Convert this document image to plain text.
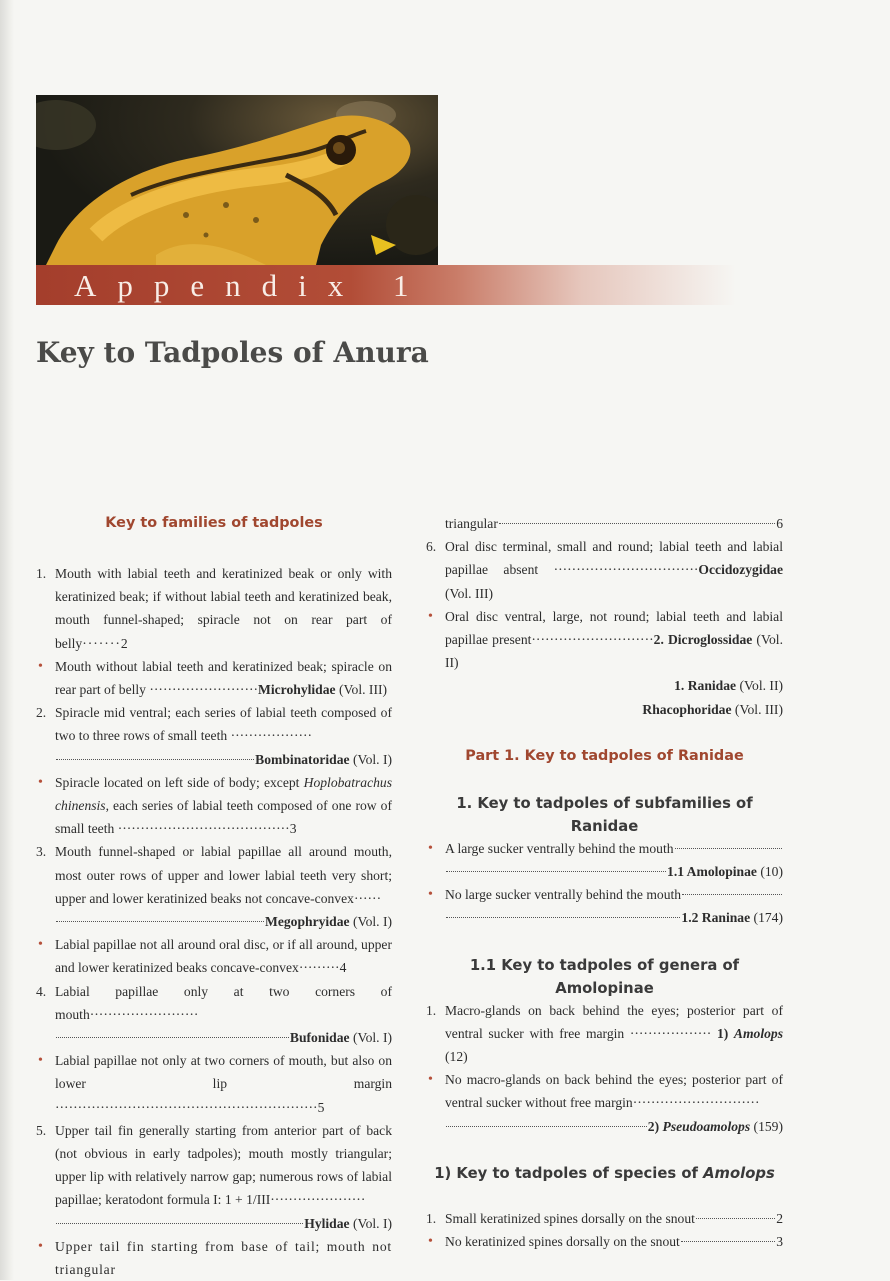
Appendix 1
Key to Tadpoles of Anura
Key to families of tadpoles
1. Mouth with labial teeth and keratinized beak or only with keratinized beak; if without labial teeth and keratinized beak, mouth funnel-shaped; spiracle not on rear part of belly·······2
• Mouth without labial teeth and keratinized beak; spiracle on rear part of belly ························Microhylidae (Vol. III)
2. Spiracle mid ventral; each series of labial teeth composed of two to three rows of small teeth ··················
Bombinatoridae (Vol. I)
• Spiracle located on left side of body; except Hoplobatrachus chinensis, each series of labial teeth composed of one row of small teeth ······································3
3. Mouth funnel-shaped or labial papillae all around mouth, most outer rows of upper and lower labial teeth very short; upper and lower keratinized beaks not concave-convex······
Megophryidae (Vol. I)
• Labial papillae not all around oral disc, or if all around, upper and lower keratinized beaks concave-convex·········4
4. Labial papillae only at two corners of mouth························
Bufonidae (Vol. I)
• Labial papillae not only at two corners of mouth, but also on lower lip margin ··························································5
5. Upper tail fin generally starting from anterior part of back (not obvious in early tadpoles); mouth mostly triangular; upper lip with relatively narrow gap; numerous rows of labial papillae; keratodont formula I: 1 + 1/III·····················
Hylidae (Vol. I)
• Upper tail fin starting from base of tail; mouth not triangular
triangular	6
6. Oral disc terminal, small and round; labial teeth and labial papillae absent ································Occidozygidae (Vol. III)
• Oral disc ventral, large, not round; labial teeth and labial papillae present···························2. Dicroglossidae (Vol. II)
1. Ranidae (Vol. II)
Rhacophoridae (Vol. III)
Part 1. Key to tadpoles of Ranidae
1. Key to tadpoles of subfamilies of Ranidae
• A large sucker ventrally behind the mouth
1.1 Amolopinae (10)
• No large sucker ventrally behind the mouth
1.2 Raninae (174)
1.1 Key to tadpoles of genera of Amolopinae
1. Macro-glands on back behind the eyes; posterior part of ventral sucker with free margin ·················· 1) Amolops (12)
• No macro-glands on back behind the eyes; posterior part of ventral sucker without free margin····························
2) Pseudoamolops (159)
1) Key to tadpoles of species of Amolops
1. Small keratinized spines dorsally on the snout	2
• No keratinized spines dorsally on the snout	3
